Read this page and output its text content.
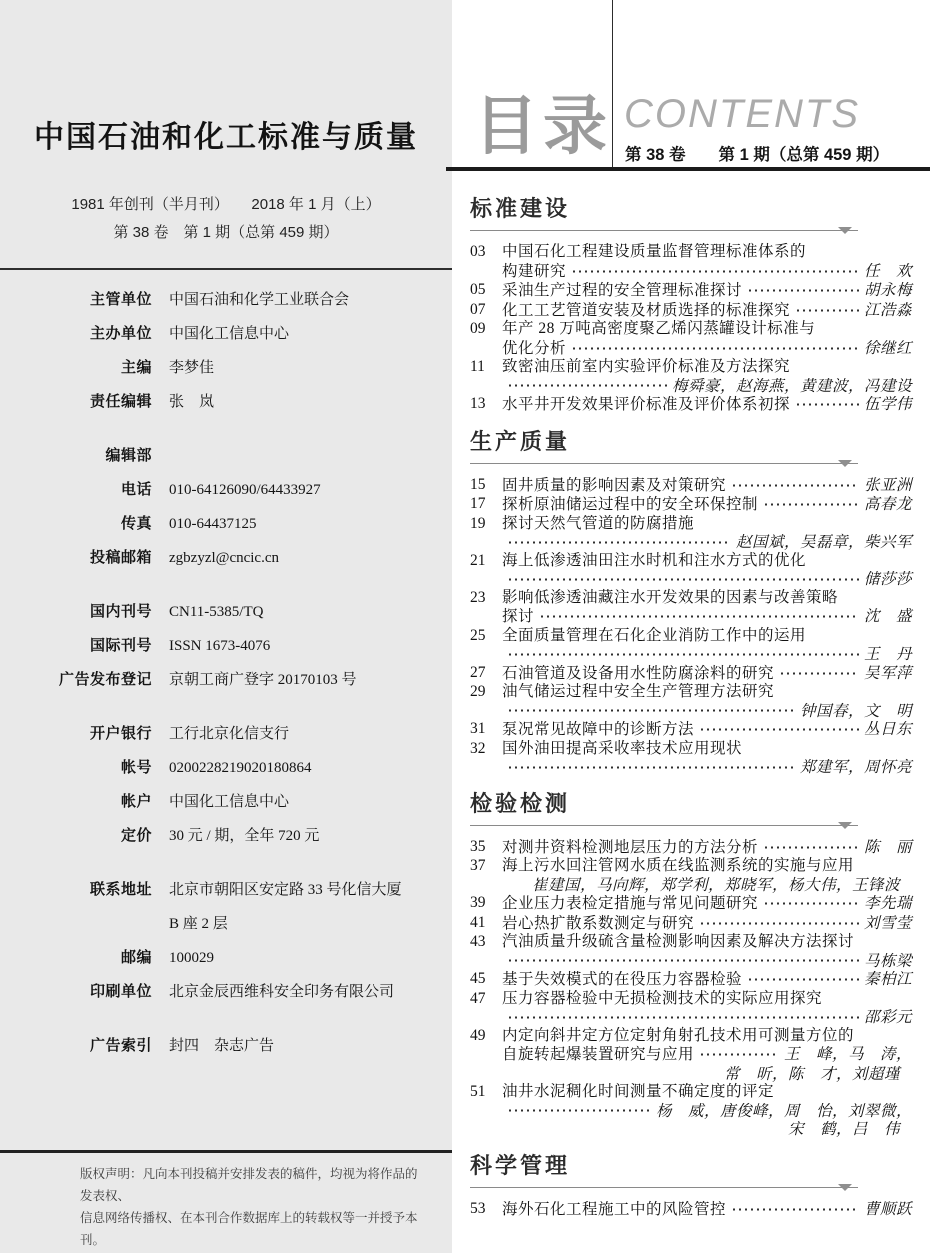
中国石油和化工标准与质量
1981 年创刊（半月刊）　　2018 年 1 月（上）
第 38 卷　第 1 期（总第 459 期）
主管单位 中国石油和化学工业联合会
主办单位 中国化工信息中心
主编 李梦佳
责任编辑 张　岚
编辑部
电话 010-64126090/64433927
传真 010-64437125
投稿邮箱 zgbzyzl@cncic.cn
国内刊号 CN11-5385/TQ
国际刊号 ISSN 1673-4076
广告发布登记 京朝工商广登字 20170103 号
开户银行 工行北京化信支行
帐号 0200228219020180864
帐户 中国化工信息中心
定价 30 元 / 期，全年 720 元
联系地址 北京市朝阳区安定路 33 号化信大厦
B 座 2 层
邮编 100029
印刷单位 北京金辰西维科安全印务有限公司
广告索引 封四　杂志广告
版权声明：凡向本刊投稿并安排发表的稿件，均视为将作品的发表权、
信息网络传播权、在本刊合作数据库上的转载权等一并授予本刊。
目录 CONTENTS
第 38 卷　　第 1 期（总第 459 期）
标准建设
03	中国石化工程建设质量监督管理标准体系的
构建研究	任　欢
05	采油生产过程的安全管理标准探讨	胡永梅
07	化工工艺管道安装及材质选择的标准探究	江浩淼
09	年产 28 万吨高密度聚乙烯闪蒸罐设计标准与
优化分析	徐继红
11	致密油压前室内实验评价标准及方法探究
梅舜豪，赵海燕，黄建波，冯建设
13	水平井开发效果评价标准及评价体系初探	伍学伟
生产质量
15	固井质量的影响因素及对策研究	张亚洲
17	探析原油储运过程中的安全环保控制	高春龙
19	探讨天然气管道的防腐措施
赵国斌，吴磊章，柴兴军
21	海上低渗透油田注水时机和注水方式的优化
储莎莎
23	影响低渗透油藏注水开发效果的因素与改善策略
探讨	沈　盛
25	全面质量管理在石化企业消防工作中的运用
王　丹
27	石油管道及设备用水性防腐涂料的研究	吴军萍
29	油气储运过程中安全生产管理方法研究
钟国春，文　明
31	泵况常见故障中的诊断方法	丛日东
32	国外油田提高采收率技术应用现状
郑建军，周怀亮
检验检测
35	对测井资料检测地层压力的方法分析	陈　丽
37	海上污水回注管网水质在线监测系统的实施与应用
崔建国，马向辉，郑学利，郑晓军，杨大伟，王锋波
39	企业压力表检定措施与常见问题研究	李先瑞
41	岩心热扩散系数测定与研究	刘雪莹
43	汽油质量升级硫含量检测影响因素及解决方法探讨
马栋梁
45	基于失效模式的在役压力容器检验	秦柏江
47	压力容器检验中无损检测技术的实际应用探究
邵彩元
49	内定向斜井定方位定射角射孔技术用可测量方位的
自旋转起爆装置研究与应用	王　峰，马　涛，
常　昕，陈　才，刘超瑾
51	油井水泥稠化时间测量不确定度的评定
杨　威，唐俊峰，周　怡，刘翠微，
宋　鹤，吕　伟
科学管理
53	海外石化工程施工中的风险管控	曹顺跃
